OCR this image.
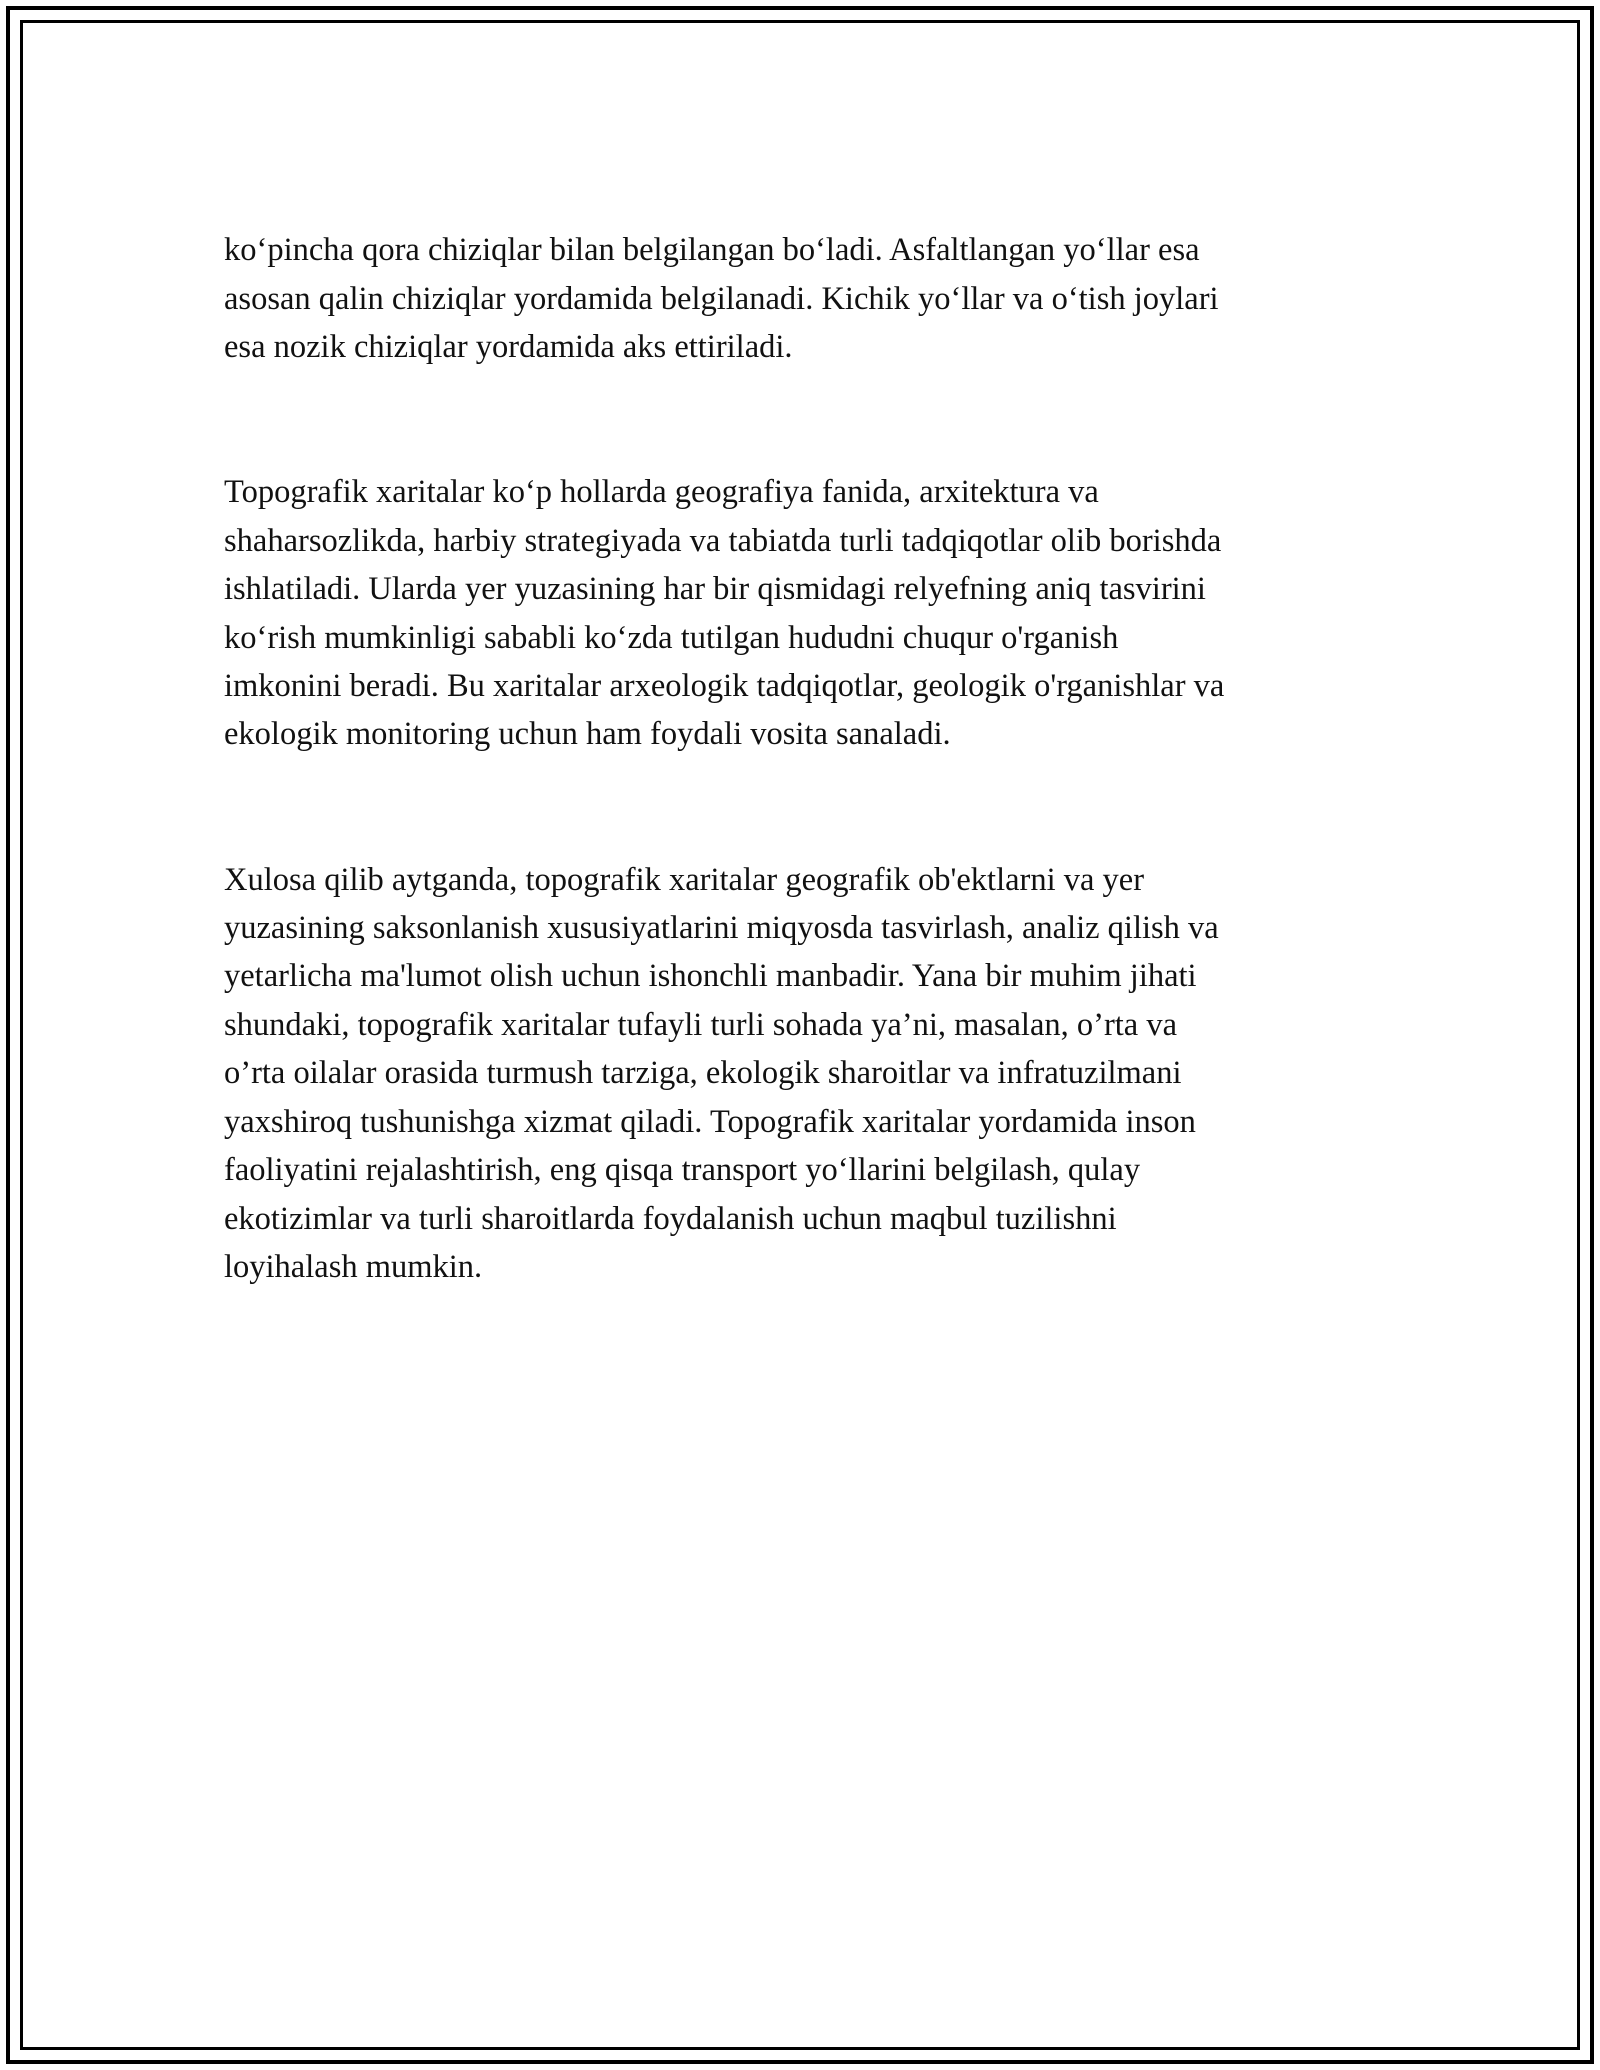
ko‘pincha qora chiziqlar bilan belgilangan bo‘ladi. Asfaltlangan yo‘llar esa
asosan qalin chiziqlar yordamida belgilanadi. Kichik yo‘llar va o‘tish joylari
esa nozik chiziqlar yordamida aks ettiriladi.

Topografik xaritalar ko‘p hollarda geografiya fanida, arxitektura va
shaharsozlikda, harbiy strategiyada va tabiatda turli tadqiqotlar olib borishda
ishlatiladi. Ularda yer yuzasining har bir qismidagi relyefning aniq tasvirini
ko‘rish mumkinligi sababli ko‘zda tutilgan hududni chuqur o'rganish
imkonini beradi. Bu xaritalar arxeologik tadqiqotlar, geologik o'rganishlar va
ekologik monitoring uchun ham foydali vosita sanaladi.

Xulosa qilib aytganda, topografik xaritalar geografik ob'ektlarni va yer
yuzasining saksonlanish xususiyatlarini miqyosda tasvirlash, analiz qilish va
yetarlicha ma'lumot olish uchun ishonchli manbadir. Yana bir muhim jihati
shundaki, topografik xaritalar tufayli turli sohada ya’ni, masalan, o’rta va
o’rta oilalar orasida turmush tarziga, ekologik sharoitlar va infratuzilmani
yaxshiroq tushunishga xizmat qiladi. Topografik xaritalar yordamida inson
faoliyatini rejalashtirish, eng qisqa transport yo‘llarini belgilash, qulay
ekotizimlar va turli sharoitlarda foydalanish uchun maqbul tuzilishni
loyihalash mumkin.
